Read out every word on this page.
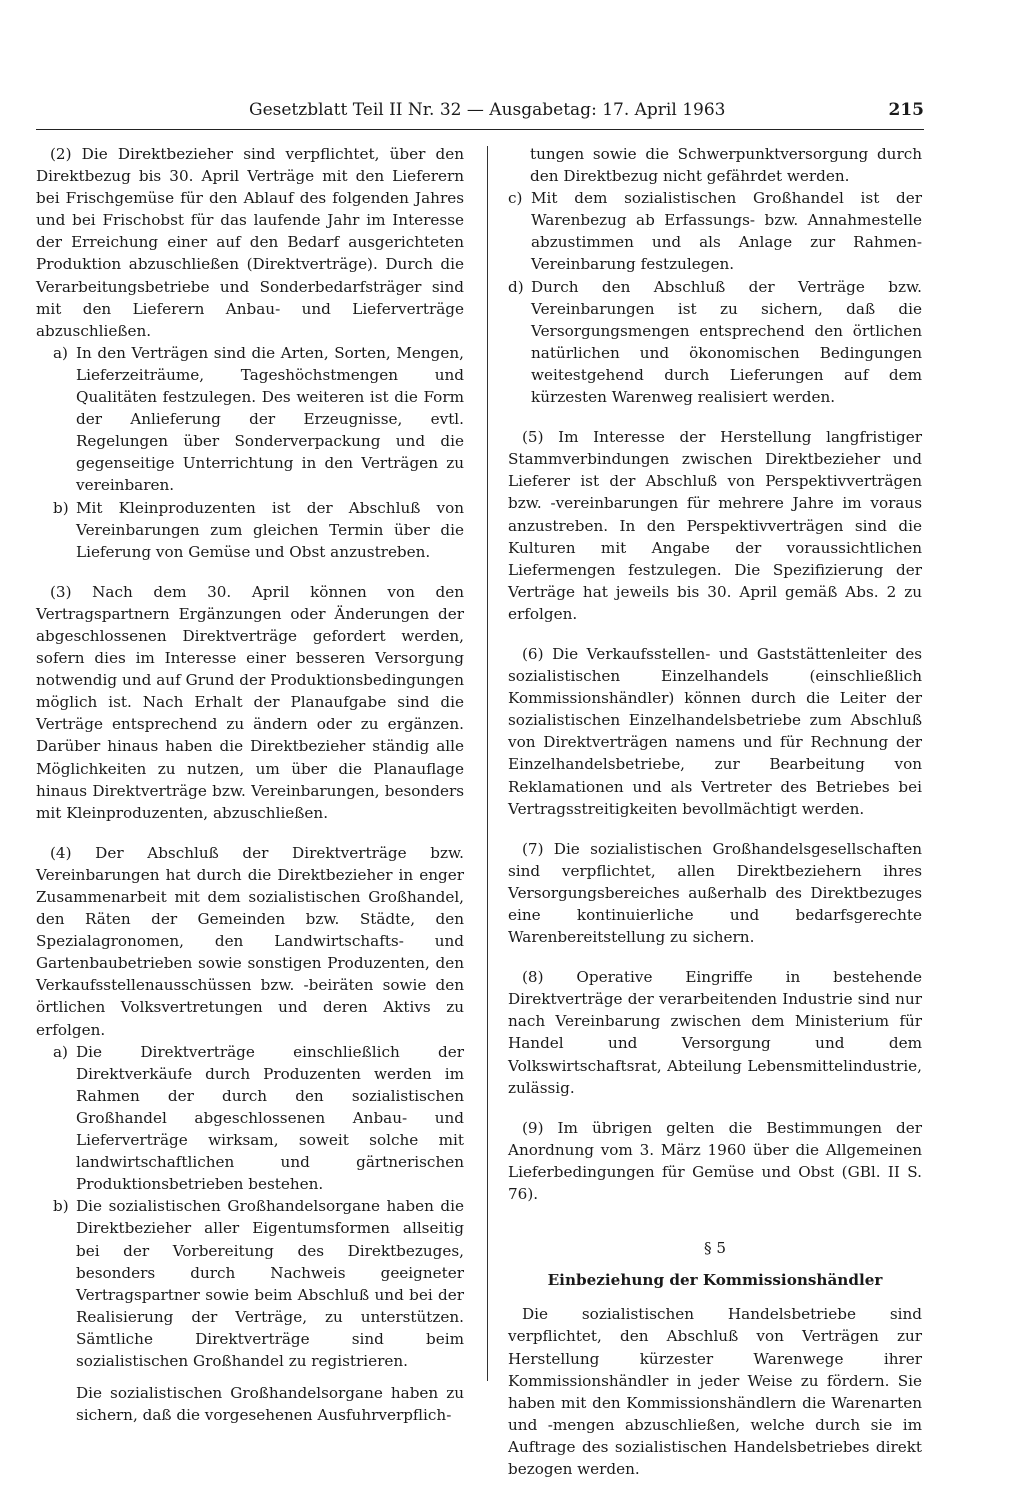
Gesetzblatt Teil II Nr. 32 — Ausgabetag: 17. April 1963	215

(2) Die Direktbezieher sind verpflichtet, über den Direktbezug bis 30. April Verträge mit den Lieferern bei Frischgemüse für den Ablauf des folgenden Jahres und bei Frischobst für das laufende Jahr im Interesse der Erreichung einer auf den Bedarf ausgerichteten Produktion abzuschließen (Direktverträge). Durch die Verarbeitungsbetriebe und Sonderbedarfsträger sind mit den Lieferern Anbau- und Lieferverträge abzuschließen.

a) In den Verträgen sind die Arten, Sorten, Mengen, Lieferzeiträume, Tageshöchstmengen und Qualitäten festzulegen. Des weiteren ist die Form der Anlieferung der Erzeugnisse, evtl. Regelungen über Sonderverpackung und die gegenseitige Unterrichtung in den Verträgen zu vereinbaren.
b) Mit Kleinproduzenten ist der Abschluß von Vereinbarungen zum gleichen Termin über die Lieferung von Gemüse und Obst anzustreben.

(3) Nach dem 30. April können von den Vertragspartnern Ergänzungen oder Änderungen der abgeschlossenen Direktverträge gefordert werden, sofern dies im Interesse einer besseren Versorgung notwendig und auf Grund der Produktionsbedingungen möglich ist. Nach Erhalt der Planaufgabe sind die Verträge entsprechend zu ändern oder zu ergänzen. Darüber hinaus haben die Direktbezieher ständig alle Möglichkeiten zu nutzen, um über die Planauflage hinaus Direktverträge bzw. Vereinbarungen, besonders mit Kleinproduzenten, abzuschließen.

(4) Der Abschluß der Direktverträge bzw. Vereinbarungen hat durch die Direktbezieher in enger Zusammenarbeit mit dem sozialistischen Großhandel, den Räten der Gemeinden bzw. Städte, den Spezialagronomen, den Landwirtschafts- und Gartenbaubetrieben sowie sonstigen Produzenten, den Verkaufsstellenausschüssen bzw. -beiräten sowie den örtlichen Volksvertretungen und deren Aktivs zu erfolgen.

a) Die Direktverträge einschließlich der Direktverkäufe durch Produzenten werden im Rahmen der durch den sozialistischen Großhandel abgeschlossenen Anbau- und Lieferverträge wirksam, soweit solche mit landwirtschaftlichen und gärtnerischen Produktionsbetrieben bestehen.
b) Die sozialistischen Großhandelsorgane haben die Direktbezieher aller Eigentumsformen allseitig bei der Vorbereitung des Direktbezuges, besonders durch Nachweis geeigneter Vertragspartner sowie beim Abschluß und bei der Realisierung der Verträge, zu unterstützen. Sämtliche Direktverträge sind beim sozialistischen Großhandel zu registrieren.

Die sozialistischen Großhandelsorgane haben zu sichern, daß die vorgesehenen Ausfuhrverpflich-

tungen sowie die Schwerpunktversorgung durch den Direktbezug nicht gefährdet werden.

c) Mit dem sozialistischen Großhandel ist der Warenbezug ab Erfassungs- bzw. Annahmestelle abzustimmen und als Anlage zur Rahmen-Vereinbarung festzulegen.
d) Durch den Abschluß der Verträge bzw. Vereinbarungen ist zu sichern, daß die Versorgungsmengen entsprechend den örtlichen natürlichen und ökonomischen Bedingungen weitestgehend durch Lieferungen auf dem kürzesten Warenweg realisiert werden.

(5) Im Interesse der Herstellung langfristiger Stammverbindungen zwischen Direktbezieher und Lieferer ist der Abschluß von Perspektivverträgen bzw. -vereinbarungen für mehrere Jahre im voraus anzustreben. In den Perspektivverträgen sind die Kulturen mit Angabe der voraussichtlichen Liefermengen festzulegen. Die Spezifizierung der Verträge hat jeweils bis 30. April gemäß Abs. 2 zu erfolgen.

(6) Die Verkaufsstellen- und Gaststättenleiter des sozialistischen Einzelhandels (einschließlich Kommissionshändler) können durch die Leiter der sozialistischen Einzelhandelsbetriebe zum Abschluß von Direktverträgen namens und für Rechnung der Einzelhandelsbetriebe, zur Bearbeitung von Reklamationen und als Vertreter des Betriebes bei Vertragsstreitigkeiten bevollmächtigt werden.

(7) Die sozialistischen Großhandelsgesellschaften sind verpflichtet, allen Direktbeziehern ihres Versorgungsbereiches außerhalb des Direktbezuges eine kontinuierliche und bedarfsgerechte Warenbereitstellung zu sichern.

(8) Operative Eingriffe in bestehende Direktverträge der verarbeitenden Industrie sind nur nach Vereinbarung zwischen dem Ministerium für Handel und Versorgung und dem Volkswirtschaftsrat, Abteilung Lebensmittelindustrie, zulässig.

(9) Im übrigen gelten die Bestimmungen der Anordnung vom 3. März 1960 über die Allgemeinen Lieferbedingungen für Gemüse und Obst (GBl. II S. 76).

§ 5

Einbeziehung der Kommissionshändler

Die sozialistischen Handelsbetriebe sind verpflichtet, den Abschluß von Verträgen zur Herstellung kürzester Warenwege ihrer Kommissionshändler in jeder Weise zu fördern. Sie haben mit den Kommissionshändlern die Warenarten und -mengen abzuschließen, welche durch sie im Auftrage des sozialistischen Handelsbetriebes direkt bezogen werden.
